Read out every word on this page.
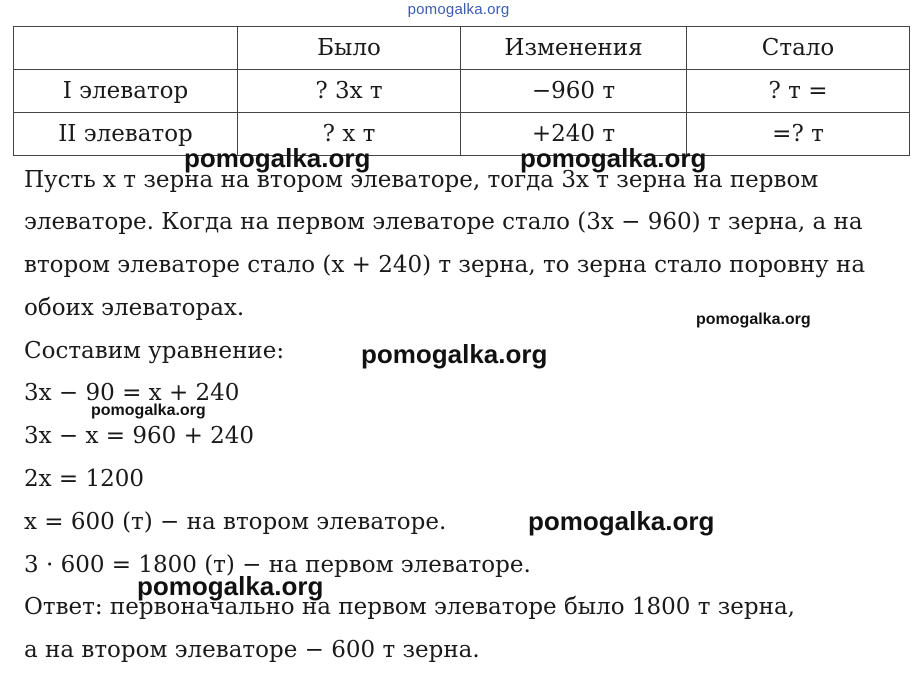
pomogalka.org
	Было	Изменения	Стало
I элеватор	? 3x т	−960 т	? т =
II элеватор	? x т	+240 т	=? т
Пусть x т зерна на втором элеваторе, тогда 3x т зерна на первом
элеваторе. Когда на первом элеваторе стало (3x − 960) т зерна, а на
втором элеваторе стало (x + 240) т зерна, то зерна стало поровну на
обоих элеваторах.
Составим уравнение:
3x − 90 = x + 240
3x − x = 960 + 240
2x = 1200
x = 600 (т) − на втором элеваторе.
3 · 600 = 1800 (т) − на первом элеваторе.
Ответ: первоначально на первом элеваторе было 1800 т зерна,
а на втором элеваторе − 600 т зерна.
pomogalka.org	pomogalka.org
pomogalka.org
pomogalka.org
pomogalka.org
pomogalka.org
pomogalka.org
